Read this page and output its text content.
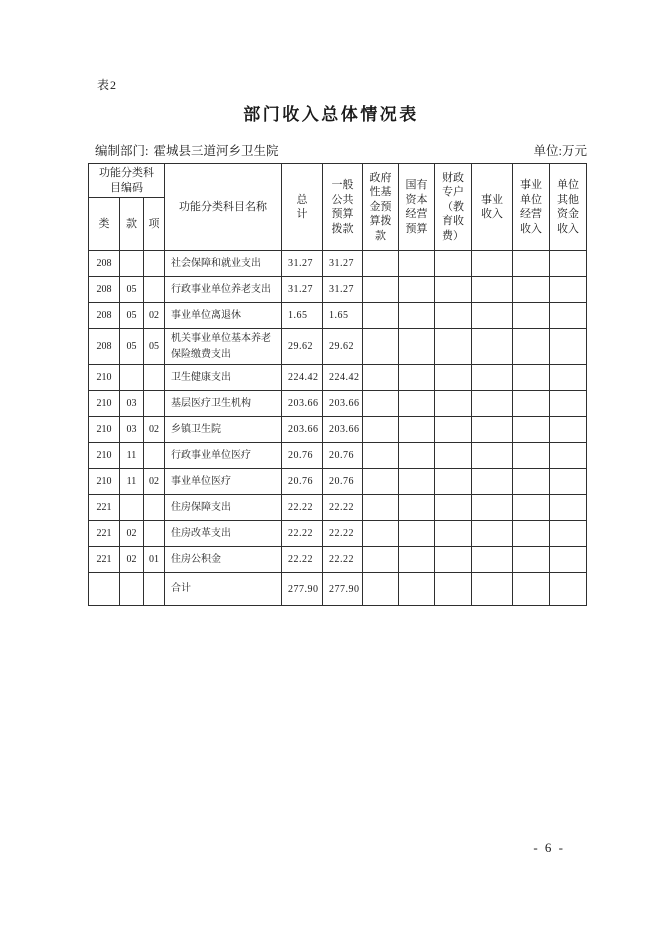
表2
部门收入总体情况表
编制部门: 霍城县三道河乡卫生院	单位:万元
功能分类科目编码			功能分类科目名称	总计	一般公共预算拨款	政府性基金预算拨款	国有资本经营预算	财政专户（教育收费）	事业收入	事业单位经营收入	单位其他资金收入
类	款	项									
208			社会保障和就业支出	31.27	31.27						
208	05		行政事业单位养老支出	31.27	31.27						
208	05	02	事业单位离退休	1.65	1.65						
208	05	05	机关事业单位基本养老保险缴费支出	29.62	29.62						
210			卫生健康支出	224.42	224.42						
210	03		基层医疗卫生机构	203.66	203.66						
210	03	02	乡镇卫生院	203.66	203.66						
210	11		行政事业单位医疗	20.76	20.76						
210	11	02	事业单位医疗	20.76	20.76						
221			住房保障支出	22.22	22.22						
221	02		住房改革支出	22.22	22.22						
221	02	01	住房公积金	22.22	22.22						
			合计	277.90	277.90						
- 6 -
